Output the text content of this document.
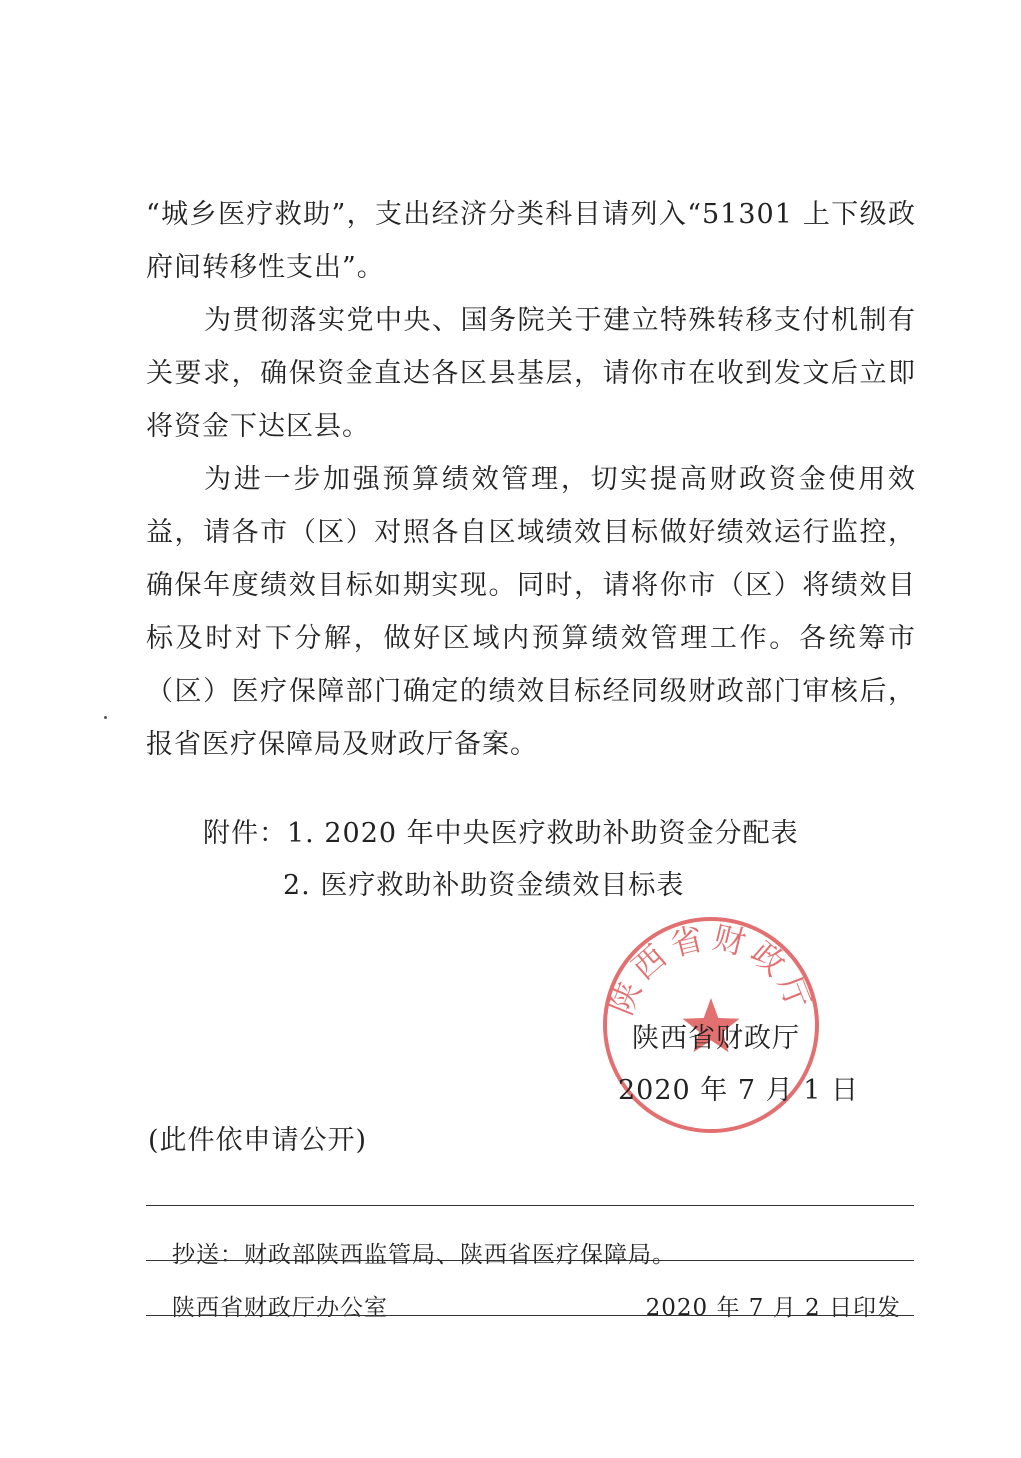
“城乡医疗救助”，支出经济分类科目请列入“51301 上下级政府间转移性支出”。

为贯彻落实党中央、国务院关于建立特殊转移支付机制有关要求，确保资金直达各区县基层，请你市在收到发文后立即将资金下达区县。

为进一步加强预算绩效管理，切实提高财政资金使用效益，请各市（区）对照各自区域绩效目标做好绩效运行监控，确保年度绩效目标如期实现。同时，请将你市（区）将绩效目标及时对下分解，做好区域内预算绩效管理工作。各统筹市（区）医疗保障部门确定的绩效目标经同级财政部门审核后，报省医疗保障局及财政厅备案。

附件：1. 2020 年中央医疗救助补助资金分配表
2. 医疗救助补助资金绩效目标表
陕西省财政厅
陕西省财政厅
2020 年 7 月 1 日
(此件依申请公开)
抄送：财政部陕西监管局、陕西省医疗保障局。
陕西省财政厅办公室	2020 年 7 月 2 日印发
